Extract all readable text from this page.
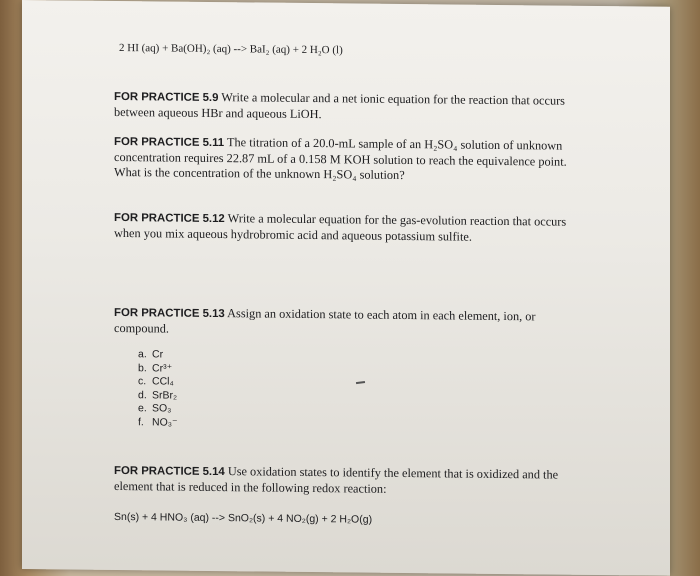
2 HI (aq) + Ba(OH)₂ (aq) --> BaI₂ (aq) + 2 H₂O (l)
FOR PRACTICE 5.9 Write a molecular and a net ionic equation for the reaction that occurs between aqueous HBr and aqueous LiOH.
FOR PRACTICE 5.11 The titration of a 20.0-mL sample of an H₂SO₄ solution of unknown concentration requires 22.87 mL of a 0.158 M KOH solution to reach the equivalence point. What is the concentration of the unknown H₂SO₄ solution?
FOR PRACTICE 5.12 Write a molecular equation for the gas-evolution reaction that occurs when you mix aqueous hydrobromic acid and aqueous potassium sulfite.
FOR PRACTICE 5.13 Assign an oxidation state to each atom in each element, ion, or compound.
a. Cr
b. Cr³⁺
c. CCl₄
d. SrBr₂
e. SO₃
f. NO₃⁻
FOR PRACTICE 5.14 Use oxidation states to identify the element that is oxidized and the element that is reduced in the following redox reaction:
Sn(s) + 4 HNO₃ (aq) --> SnO₂(s) + 4 NO₂(g) + 2 H₂O(g)
